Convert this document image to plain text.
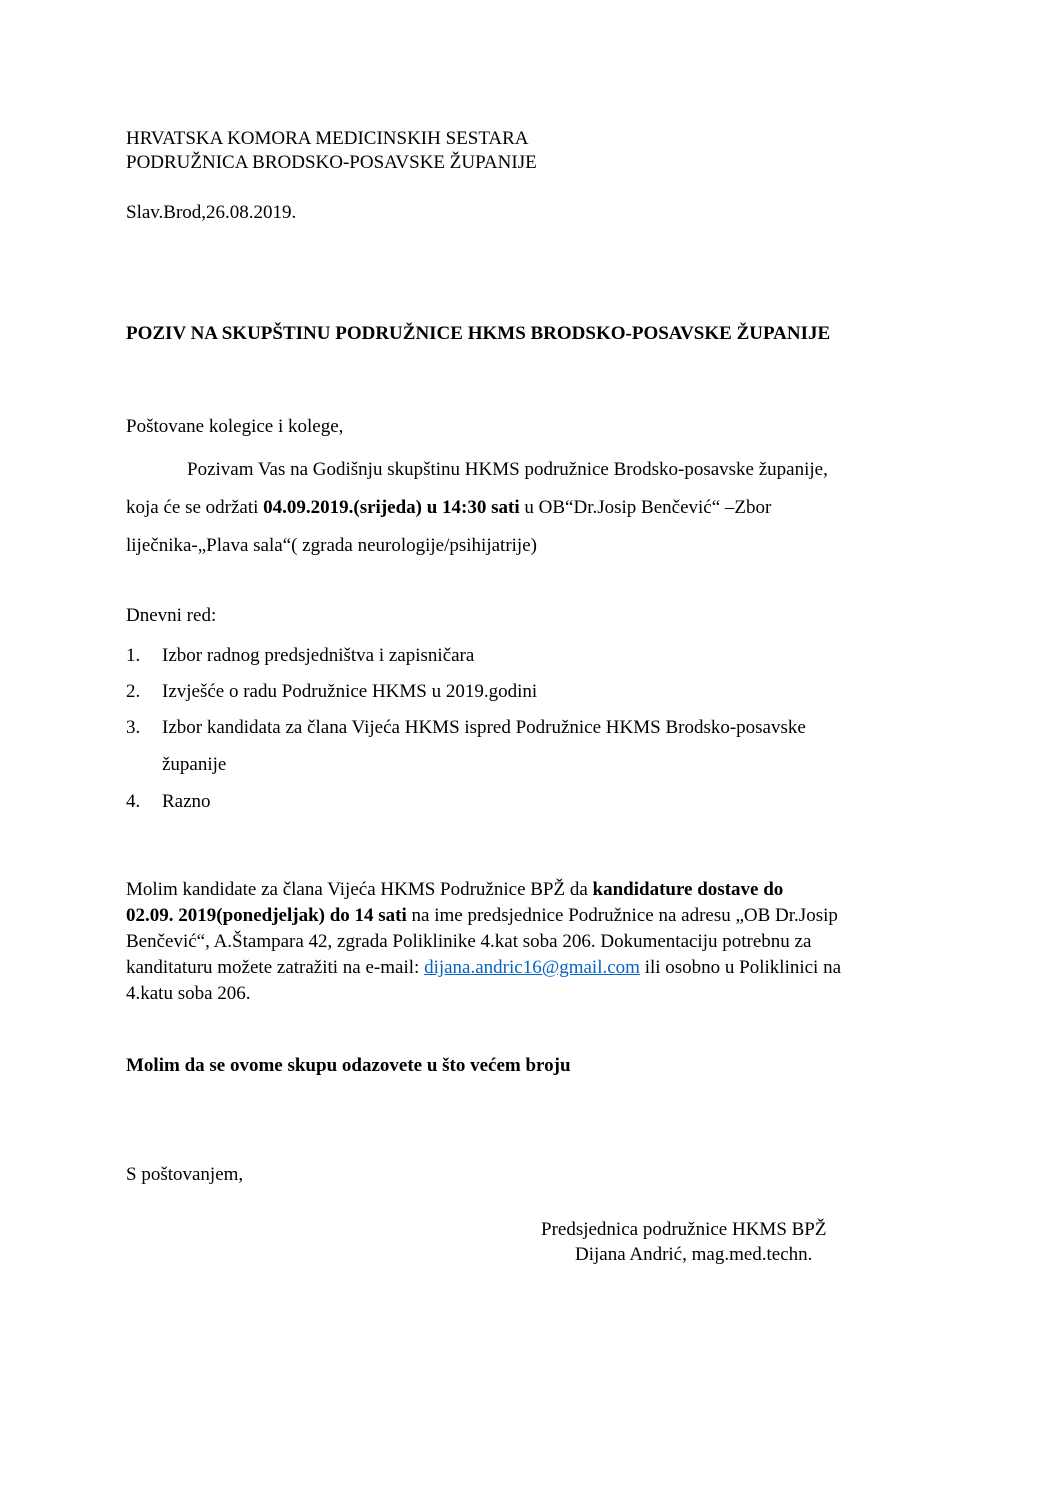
HRVATSKA KOMORA MEDICINSKIH SESTARA
PODRUŽNICA BRODSKO-POSAVSKE ŽUPANIJE
Slav.Brod,26.08.2019.
POZIV NA SKUPŠTINU PODRUŽNICE HKMS BRODSKO-POSAVSKE ŽUPANIJE
Poštovane kolegice i kolege,
Pozivam Vas na Godišnju skupštinu HKMS podružnice Brodsko-posavske županije,
koja će se održati 04.09.2019.(srijeda) u 14:30 sati u OB“Dr.Josip Benčević“ –Zbor
liječnika-„Plava sala“( zgrada neurologije/psihijatrije)
Dnevni red:
1. Izbor radnog predsjedništva i zapisničara
2. Izvješće o radu Podružnice HKMS u 2019.godini
3. Izbor kandidata za člana Vijeća HKMS ispred Podružnice HKMS Brodsko-posavske
županije
4. Razno
Molim kandidate za člana Vijeća HKMS Podružnice BPŽ da kandidature dostave do
02.09. 2019(ponedjeljak) do 14 sati na ime predsjednice Podružnice na adresu „OB Dr.Josip
Benčević“, A.Štampara 42, zgrada Poliklinike 4.kat soba 206. Dokumentaciju potrebnu za
kanditaturu možete zatražiti na e-mail: dijana.andric16@gmail.com ili osobno u Poliklinici na
4.katu soba 206.
Molim da se ovome skupu odazovete u što većem broju
S poštovanjem,
Predsjednica podružnice HKMS BPŽ
Dijana Andrić, mag.med.techn.
